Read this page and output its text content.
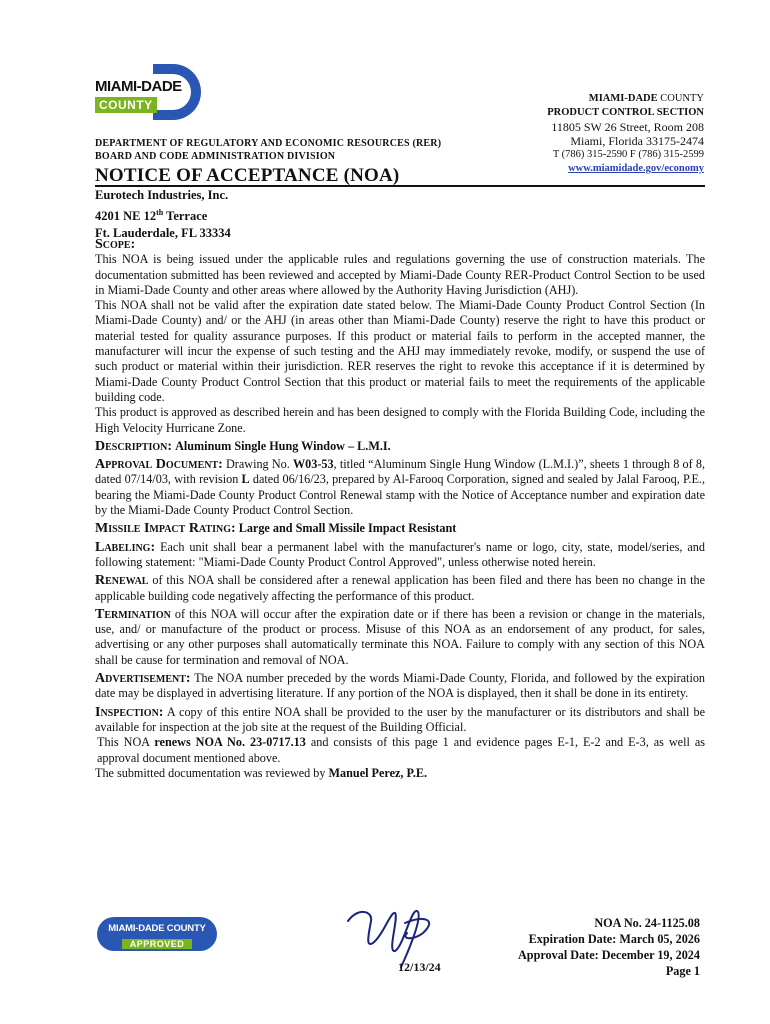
MIAMI-DADE
COUNTY
DEPARTMENT OF REGULATORY AND ECONOMIC RESOURCES (RER)
BOARD AND CODE ADMINISTRATION DIVISION
NOTICE OF ACCEPTANCE (NOA)
MIAMI-DADE COUNTY
PRODUCT CONTROL SECTION
11805 SW 26 Street, Room 208
Miami, Florida 33175-2474
T (786) 315-2590 F (786) 315-2599
www.miamidade.gov/economy
Eurotech Industries, Inc.
4201 NE 12th Terrace
Ft. Lauderdale, FL 33334

Scope:

This NOA is being issued under the applicable rules and regulations governing the use of construction materials. The documentation submitted has been reviewed and accepted by Miami-Dade County RER-Product Control Section to be used in Miami-Dade County and other areas where allowed by the Authority Having Jurisdiction (AHJ).

This NOA shall not be valid after the expiration date stated below. The Miami-Dade County Product Control Section (In Miami-Dade County) and/ or the AHJ (in areas other than Miami-Dade County) reserve the right to have this product or material tested for quality assurance purposes. If this product or material fails to perform in the accepted manner, the manufacturer will incur the expense of such testing and the AHJ may immediately revoke, modify, or suspend the use of such product or material within their jurisdiction. RER reserves the right to revoke this acceptance if it is determined by Miami-Dade County Product Control Section that this product or material fails to meet the requirements of the applicable building code.

This product is approved as described herein and has been designed to comply with the Florida Building Code, including the High Velocity Hurricane Zone.

Description: Aluminum Single Hung Window – L.M.I.

Approval Document: Drawing No. W03-53, titled “Aluminum Single Hung Window (L.M.I.)”, sheets 1 through 8 of 8, dated 07/14/03, with revision L dated 06/16/23, prepared by Al-Farooq Corporation, signed and sealed by Jalal Farooq, P.E., bearing the Miami-Dade County Product Control Renewal stamp with the Notice of Acceptance number and expiration date by the Miami-Dade County Product Control Section.

Missile Impact Rating: Large and Small Missile Impact Resistant

Labeling: Each unit shall bear a permanent label with the manufacturer's name or logo, city, state, model/series, and following statement: "Miami-Dade County Product Control Approved", unless otherwise noted herein.

Renewal of this NOA shall be considered after a renewal application has been filed and there has been no change in the applicable building code negatively affecting the performance of this product.

Termination of this NOA will occur after the expiration date or if there has been a revision or change in the materials, use, and/ or manufacture of the product or process. Misuse of this NOA as an endorsement of any product, for sales, advertising or any other purposes shall automatically terminate this NOA. Failure to comply with any section of this NOA shall be cause for termination and removal of NOA.

Advertisement: The NOA number preceded by the words Miami-Dade County, Florida, and followed by the expiration date may be displayed in advertising literature. If any portion of the NOA is displayed, then it shall be done in its entirety.

Inspection: A copy of this entire NOA shall be provided to the user by the manufacturer or its distributors and shall be available for inspection at the job site at the request of the Building Official.

This NOA renews NOA No. 23-0717.13 and consists of this page 1 and evidence pages E-1, E-2 and E-3, as well as approval document mentioned above.

The submitted documentation was reviewed by Manuel Perez, P.E.

MIAMI-DADE COUNTY
APPROVED
12/13/24
NOA No. 24-1125.08
Expiration Date: March 05, 2026
Approval Date: December 19, 2024
Page 1
